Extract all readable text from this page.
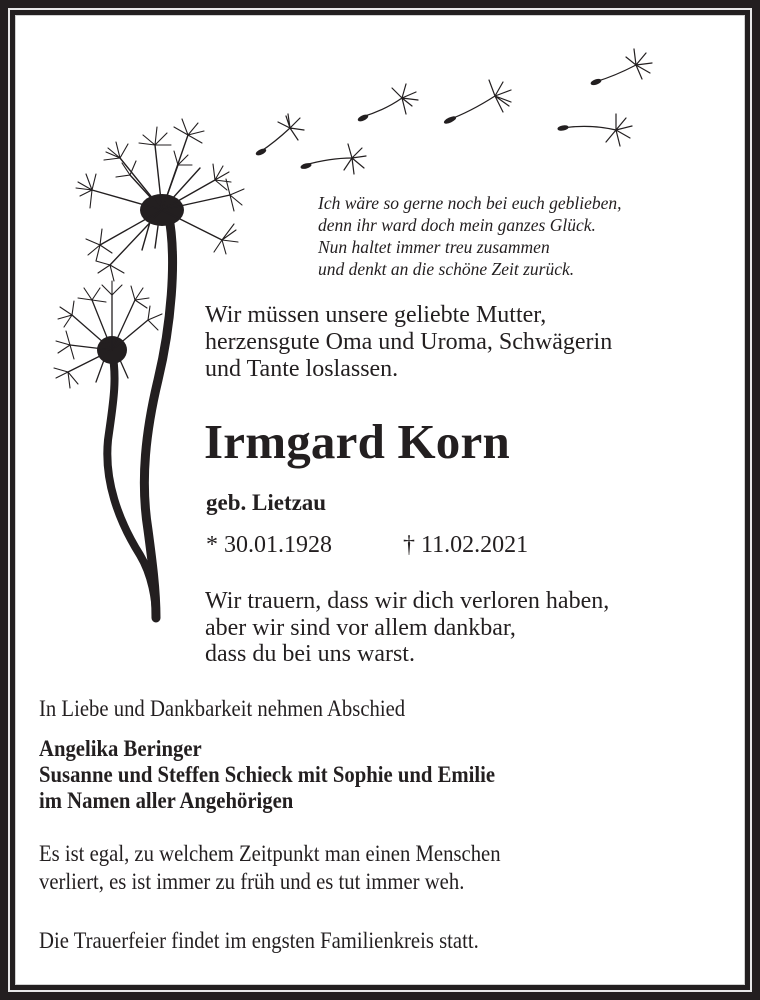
Ich wäre so gerne noch bei euch geblieben,
denn ihr ward doch mein ganzes Glück.
Nun haltet immer treu zusammen
und denkt an die schöne Zeit zurück.
Wir müssen unsere geliebte Mutter,
herzensgute Oma und Uroma, Schwägerin
und Tante loslassen.
Irmgard Korn
geb. Lietzau
* 30.01.1928	† 11.02.2021
Wir trauern, dass wir dich verloren haben,
aber wir sind vor allem dankbar,
dass du bei uns warst.
In Liebe und Dankbarkeit nehmen Abschied
Angelika Beringer
Susanne und Steffen Schieck mit Sophie und Emilie
im Namen aller Angehörigen
Es ist egal, zu welchem Zeitpunkt man einen Menschen
verliert, es ist immer zu früh und es tut immer weh.
Die Trauerfeier findet im engsten Familienkreis statt.
